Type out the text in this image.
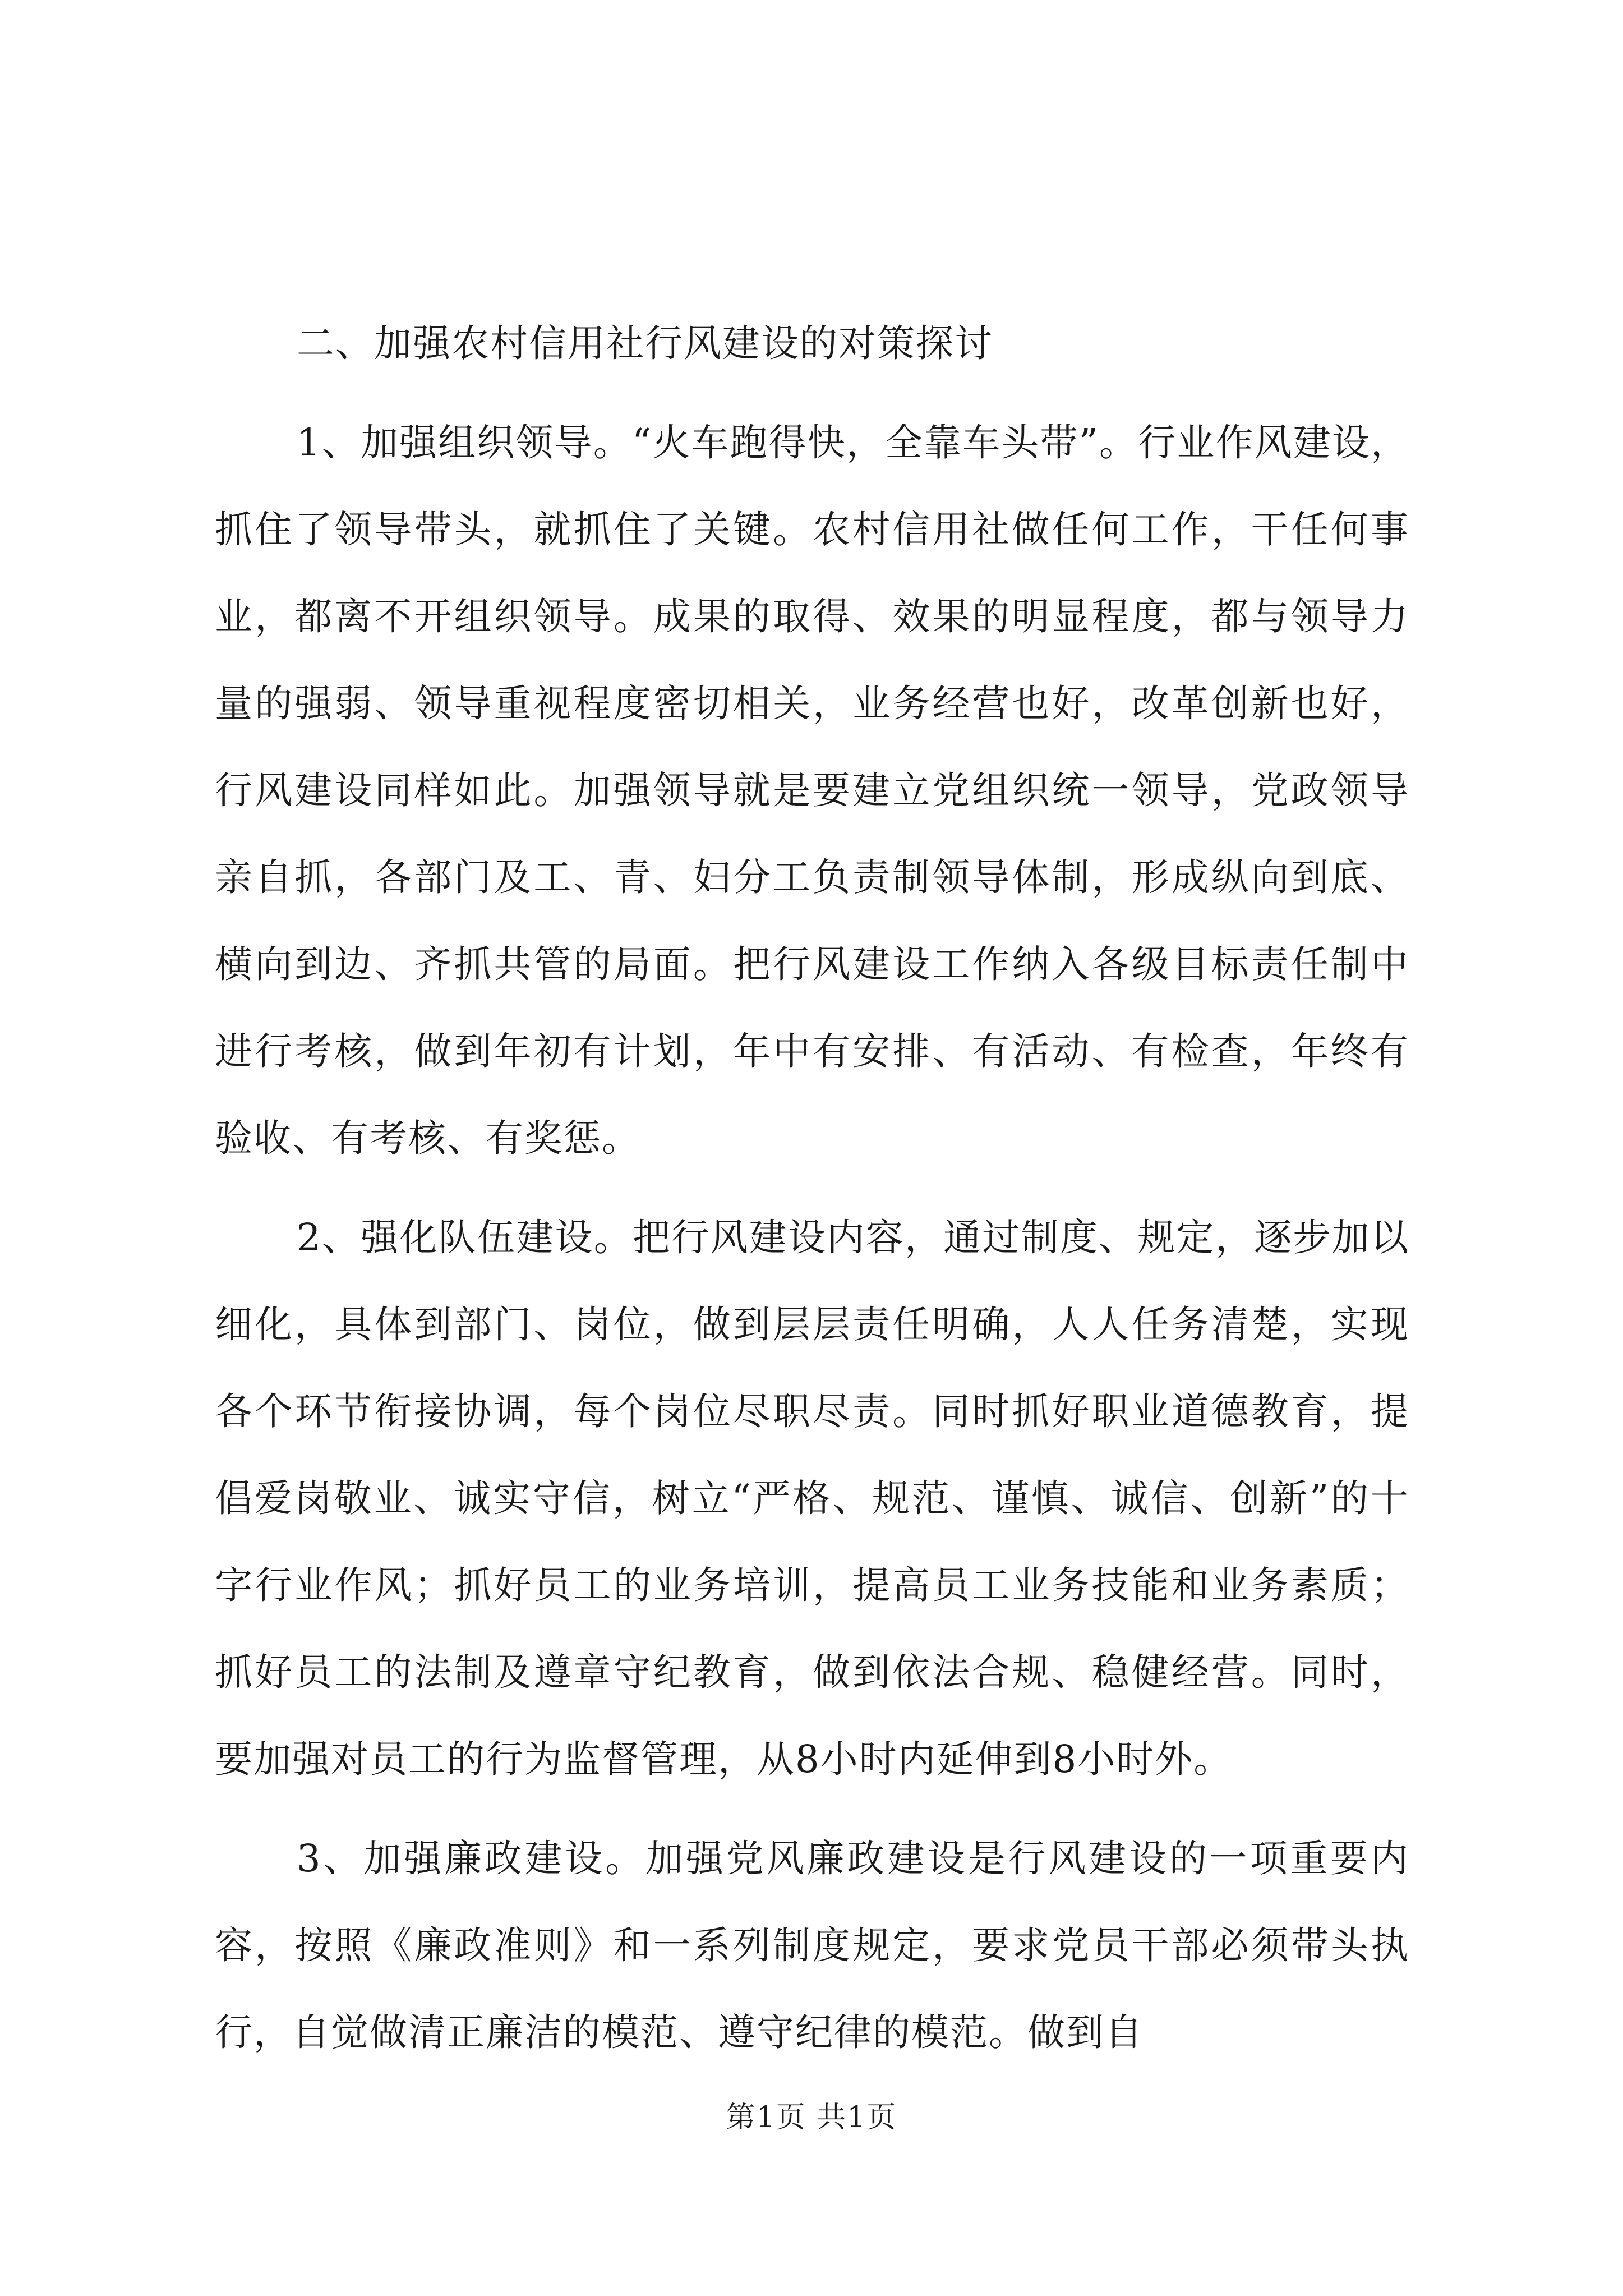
二、加强农村信用社行风建设的对策探讨

1、加强组织领导。“火车跑得快，全靠车头带”。行业作风建设，抓住了领导带头，就抓住了关键。农村信用社做任何工作，干任何事业，都离不开组织领导。成果的取得、效果的明显程度，都与领导力量的强弱、领导重视程度密切相关，业务经营也好，改革创新也好，行风建设同样如此。加强领导就是要建立党组织统一领导，党政领导亲自抓，各部门及工、青、妇分工负责制领导体制，形成纵向到底、横向到边、齐抓共管的局面。把行风建设工作纳入各级目标责任制中进行考核，做到年初有计划，年中有安排、有活动、有检查，年终有验收、有考核、有奖惩。

2、强化队伍建设。把行风建设内容，通过制度、规定，逐步加以细化，具体到部门、岗位，做到层层责任明确，人人任务清楚，实现各个环节衔接协调，每个岗位尽职尽责。同时抓好职业道德教育，提倡爱岗敬业、诚实守信，树立“严格、规范、谨慎、诚信、创新”的十字行业作风；抓好员工的业务培训，提高员工业务技能和业务素质；抓好员工的法制及遵章守纪教育，做到依法合规、稳健经营。同时，要加强对员工的行为监督管理，从8小时内延伸到8小时外。

3、加强廉政建设。加强党风廉政建设是行风建设的一项重要内容，按照《廉政准则》和一系列制度规定，要求党员干部必须带头执行，自觉做清正廉洁的模范、遵守纪律的模范。做到自

第1页 共1页
